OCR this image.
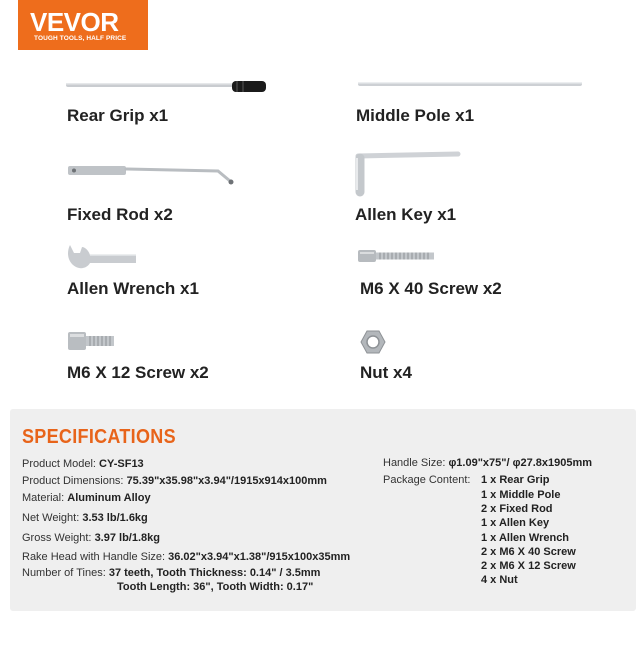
VEVOR
TOUGH TOOLS, HALF PRICE
Rear Grip x1	Middle Pole x1
Fixed Rod x2	Allen Key x1
Allen Wrench x1	M6 X 40 Screw x2
M6 X 12 Screw x2	Nut x4
SPECIFICATIONS
Product Model: CY-SF13
Product Dimensions: 75.39"x35.98"x3.94"/1915x914x100mm
Material: Aluminum Alloy
Net Weight: 3.53 lb/1.6kg
Gross Weight: 3.97 lb/1.8kg
Rake Head with Handle Size: 36.02"x3.94"x1.38"/915x100x35mm
Number of Tines: 37 teeth, Tooth Thickness: 0.14" / 3.5mm
Tooth Length: 36", Tooth Width: 0.17"
Handle Size: φ1.09"x75"/ φ27.8x1905mm
Package Content: 1 x Rear Grip
1 x Middle Pole
2 x Fixed Rod
1 x Allen Key
1 x Allen Wrench
2 x M6 X 40 Screw
2 x M6 X 12 Screw
4 x Nut
